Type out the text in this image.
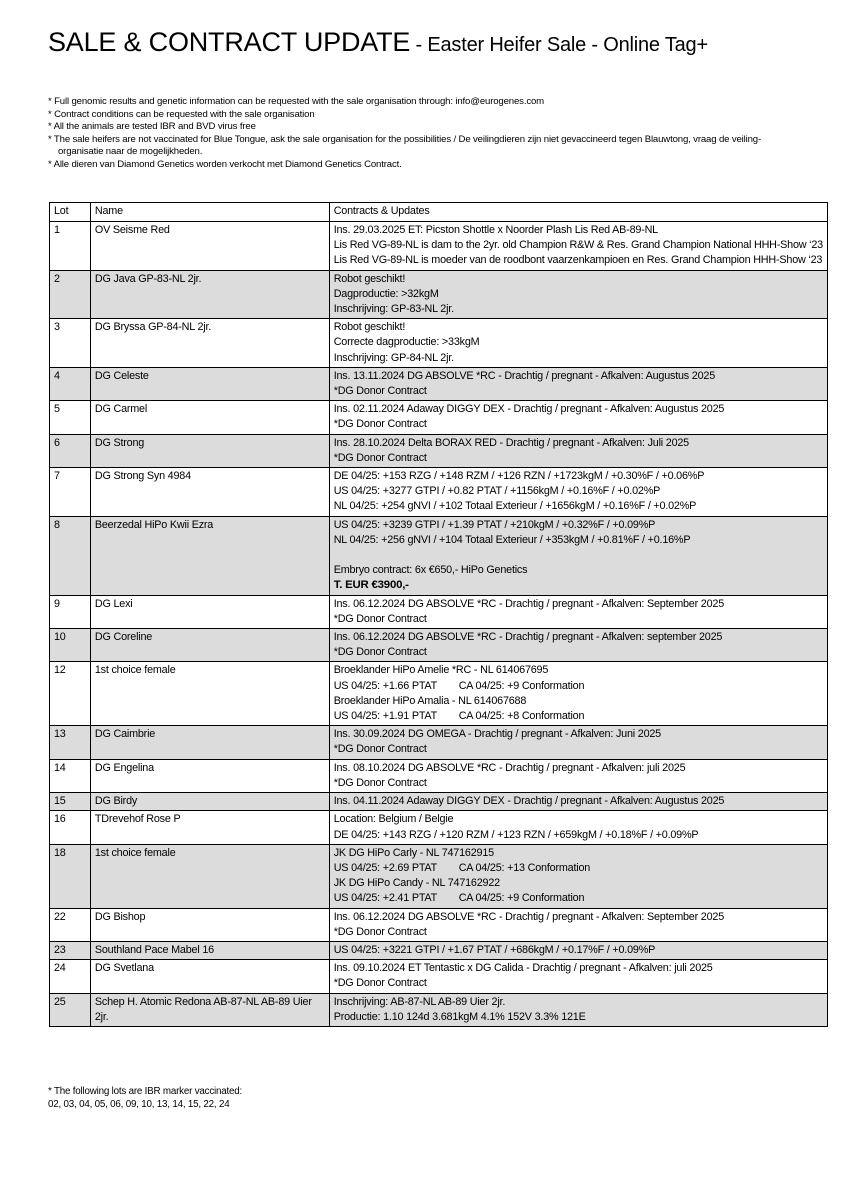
SALE & CONTRACT UPDATE - Easter Heifer Sale - Online Tag+

* Full genomic results and genetic information can be requested with the sale organisation through: info@eurogenes.com

* Contract conditions can be requested with the sale organisation

* All the animals are tested IBR and BVD virus free

* The sale heifers are not vaccinated for Blue Tongue, ask the sale organisation for the possibilities / De veilingdieren zijn niet gevaccineerd tegen Blauwtong, vraag de veiling-

organisatie naar de mogelijkheden.

* Alle dieren van Diamond Genetics worden verkocht met Diamond Genetics Contract.

Lot	Name	Contracts & Updates
1	OV Seisme Red	Ins. 29.03.2025 ET: Picston Shottle x Noorder Plash Lis Red AB-89-NL
Lis Red VG-89-NL is dam to the 2yr. old Champion R&W & Res. Grand Champion National HHH-Show ‘23
Lis Red VG-89-NL is moeder van de roodbont vaarzenkampioen en Res. Grand Champion HHH-Show ‘23

2	DG Java GP-83-NL 2jr.	Robot geschikt!
Dagproductie: >32kgM
Inschrijving: GP-83-NL 2jr.

3	DG Bryssa GP-84-NL 2jr.	Robot geschikt!
Correcte dagproductie: >33kgM
Inschrijving: GP-84-NL 2jr.

4	DG Celeste	Ins. 13.11.2024 DG ABSOLVE *RC - Drachtig / pregnant - Afkalven: Augustus 2025
*DG Donor Contract

5	DG Carmel	Ins. 02.11.2024 Adaway DIGGY DEX - Drachtig / pregnant - Afkalven: Augustus 2025
*DG Donor Contract

6	DG Strong	Ins. 28.10.2024 Delta BORAX RED - Drachtig / pregnant - Afkalven: Juli 2025
*DG Donor Contract

7	DG Strong Syn 4984	DE 04/25: +153 RZG / +148 RZM / +126 RZN / +1723kgM / +0.30%F / +0.06%P
US 04/25: +3277 GTPI / +0.82 PTAT / +1156kgM / +0.16%F / +0.02%P
NL 04/25: +254 gNVI / +102 Totaal Exterieur / +1656kgM / +0.16%F / +0.02%P

8	Beerzedal HiPo Kwii Ezra	US 04/25: +3239 GTPI / +1.39 PTAT / +210kgM / +0.32%F / +0.09%P
NL 04/25: +256 gNVI / +104 Totaal Exterieur / +353kgM / +0.81%F / +0.16%P
Embryo contract: 6x €650,- HiPo Genetics
T. EUR €3900,-

9	DG Lexi	Ins. 06.12.2024 DG ABSOLVE *RC - Drachtig / pregnant - Afkalven: September 2025
*DG Donor Contract

10	DG Coreline	Ins. 06.12.2024 DG ABSOLVE *RC - Drachtig / pregnant - Afkalven: september 2025
*DG Donor Contract

12	1st choice female	Broeklander HiPo Amelie *RC - NL 614067695
US 04/25: +1.66 PTAT CA 04/25: +9 Conformation
Broeklander HiPo Amalia - NL 614067688
US 04/25: +1.91 PTAT CA 04/25: +8 Conformation

13	DG Caimbrie	Ins. 30.09.2024 DG OMEGA - Drachtig / pregnant - Afkalven: Juni 2025
*DG Donor Contract

14	DG Engelina	Ins. 08.10.2024 DG ABSOLVE *RC - Drachtig / pregnant - Afkalven: juli 2025
*DG Donor Contract

15	DG Birdy	Ins. 04.11.2024 Adaway DIGGY DEX - Drachtig / pregnant - Afkalven: Augustus 2025

16	TDrevehof Rose P	Location: Belgium / Belgie
DE 04/25: +143 RZG / +120 RZM / +123 RZN / +659kgM / +0.18%F / +0.09%P

18	1st choice female	JK DG HiPo Carly - NL 747162915
US 04/25: +2.69 PTAT CA 04/25: +13 Conformation
JK DG HiPo Candy - NL 747162922
US 04/25: +2.41 PTAT CA 04/25: +9 Conformation

22	DG Bishop	Ins. 06.12.2024 DG ABSOLVE *RC - Drachtig / pregnant - Afkalven: September 2025
*DG Donor Contract

23	Southland Pace Mabel 16	US 04/25: +3221 GTPI / +1.67 PTAT / +686kgM / +0.17%F / +0.09%P

24	DG Svetlana	Ins. 09.10.2024 ET Tentastic x DG Calida - Drachtig / pregnant - Afkalven: juli 2025
*DG Donor Contract

25	Scheр H. Atomic Redona AB-87-NL AB-89 Uier 2jr.	Inschrijving: AB-87-NL AB-89 Uier 2jr.
Productie: 1.10 124d 3.681kgM 4.1% 152V 3.3% 121E
* The following lots are IBR marker vaccinated:
02, 03, 04, 05, 06, 09, 10, 13, 14, 15, 22, 24
